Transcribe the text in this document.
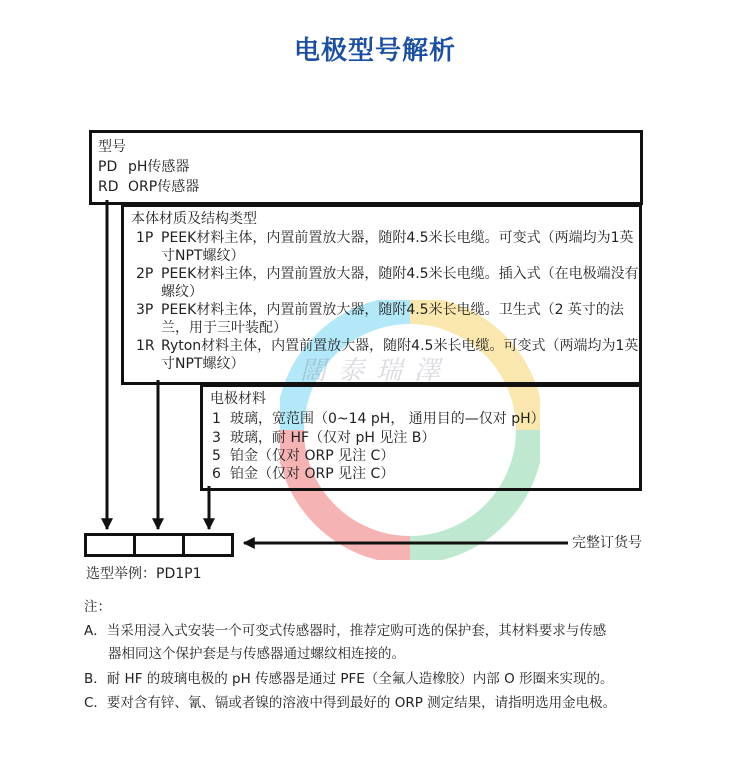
电极型号解析
闊泰瑞澤
型号
PD pH传感器
RD ORP传感器
本体材质及结构类型
1P PEEK材料主体，内置前置放大器，随附4.5米长电缆。可变式（两端均为1英寸NPT螺纹）
2P PEEK材料主体，内置前置放大器，随附4.5米长电缆。插入式（在电极端没有螺纹）
3P PEEK材料主体，内置前置放大器，随附4.5米长电缆。卫生式（2 英寸的法兰，用于三叶装配）
1R Ryton材料主体，内置前置放大器，随附4.5米长电缆。可变式（两端均为1英寸NPT螺纹）
电极材料
1 玻璃，宽范围（0~14 pH， 通用目的—仅对 pH）
3 玻璃，耐 HF（仅对 pH 见注 B）
5 铂金（仅对 ORP 见注 C）
6 铂金（仅对 ORP 见注 C）
完整订货号
选型举例：PD1P1
注：
A．当采用浸入式安装一个可变式传感器时，推荐定购可选的保护套，其材料要求与传感
器相同这个保护套是与传感器通过螺纹相连接的。
B．耐 HF 的玻璃电极的 pH 传感器是通过 PFE（全氟人造橡胶）内部 O 形圈来实现的。
C．要对含有锌、氰、镉或者镍的溶液中得到最好的 ORP 测定结果，请指明选用金电极。
